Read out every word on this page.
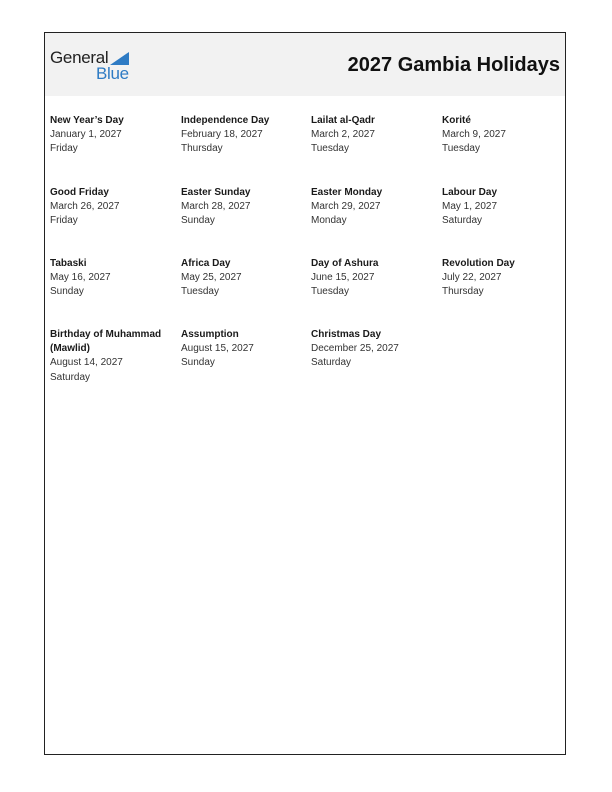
General
Blue	2027 Gambia Holidays
New Year’s Day
January 1, 2027
Friday
Independence Day
February 18, 2027
Thursday
Lailat al-Qadr
March 2, 2027
Tuesday
Korité
March 9, 2027
Tuesday
Good Friday
March 26, 2027
Friday
Easter Sunday
March 28, 2027
Sunday
Easter Monday
March 29, 2027
Monday
Labour Day
May 1, 2027
Saturday
Tabaski
May 16, 2027
Sunday
Africa Day
May 25, 2027
Tuesday
Day of Ashura
June 15, 2027
Tuesday
Revolution Day
July 22, 2027
Thursday
Birthday of Muhammad (Mawlid)
August 14, 2027
Saturday
Assumption
August 15, 2027
Sunday
Christmas Day
December 25, 2027
Saturday
